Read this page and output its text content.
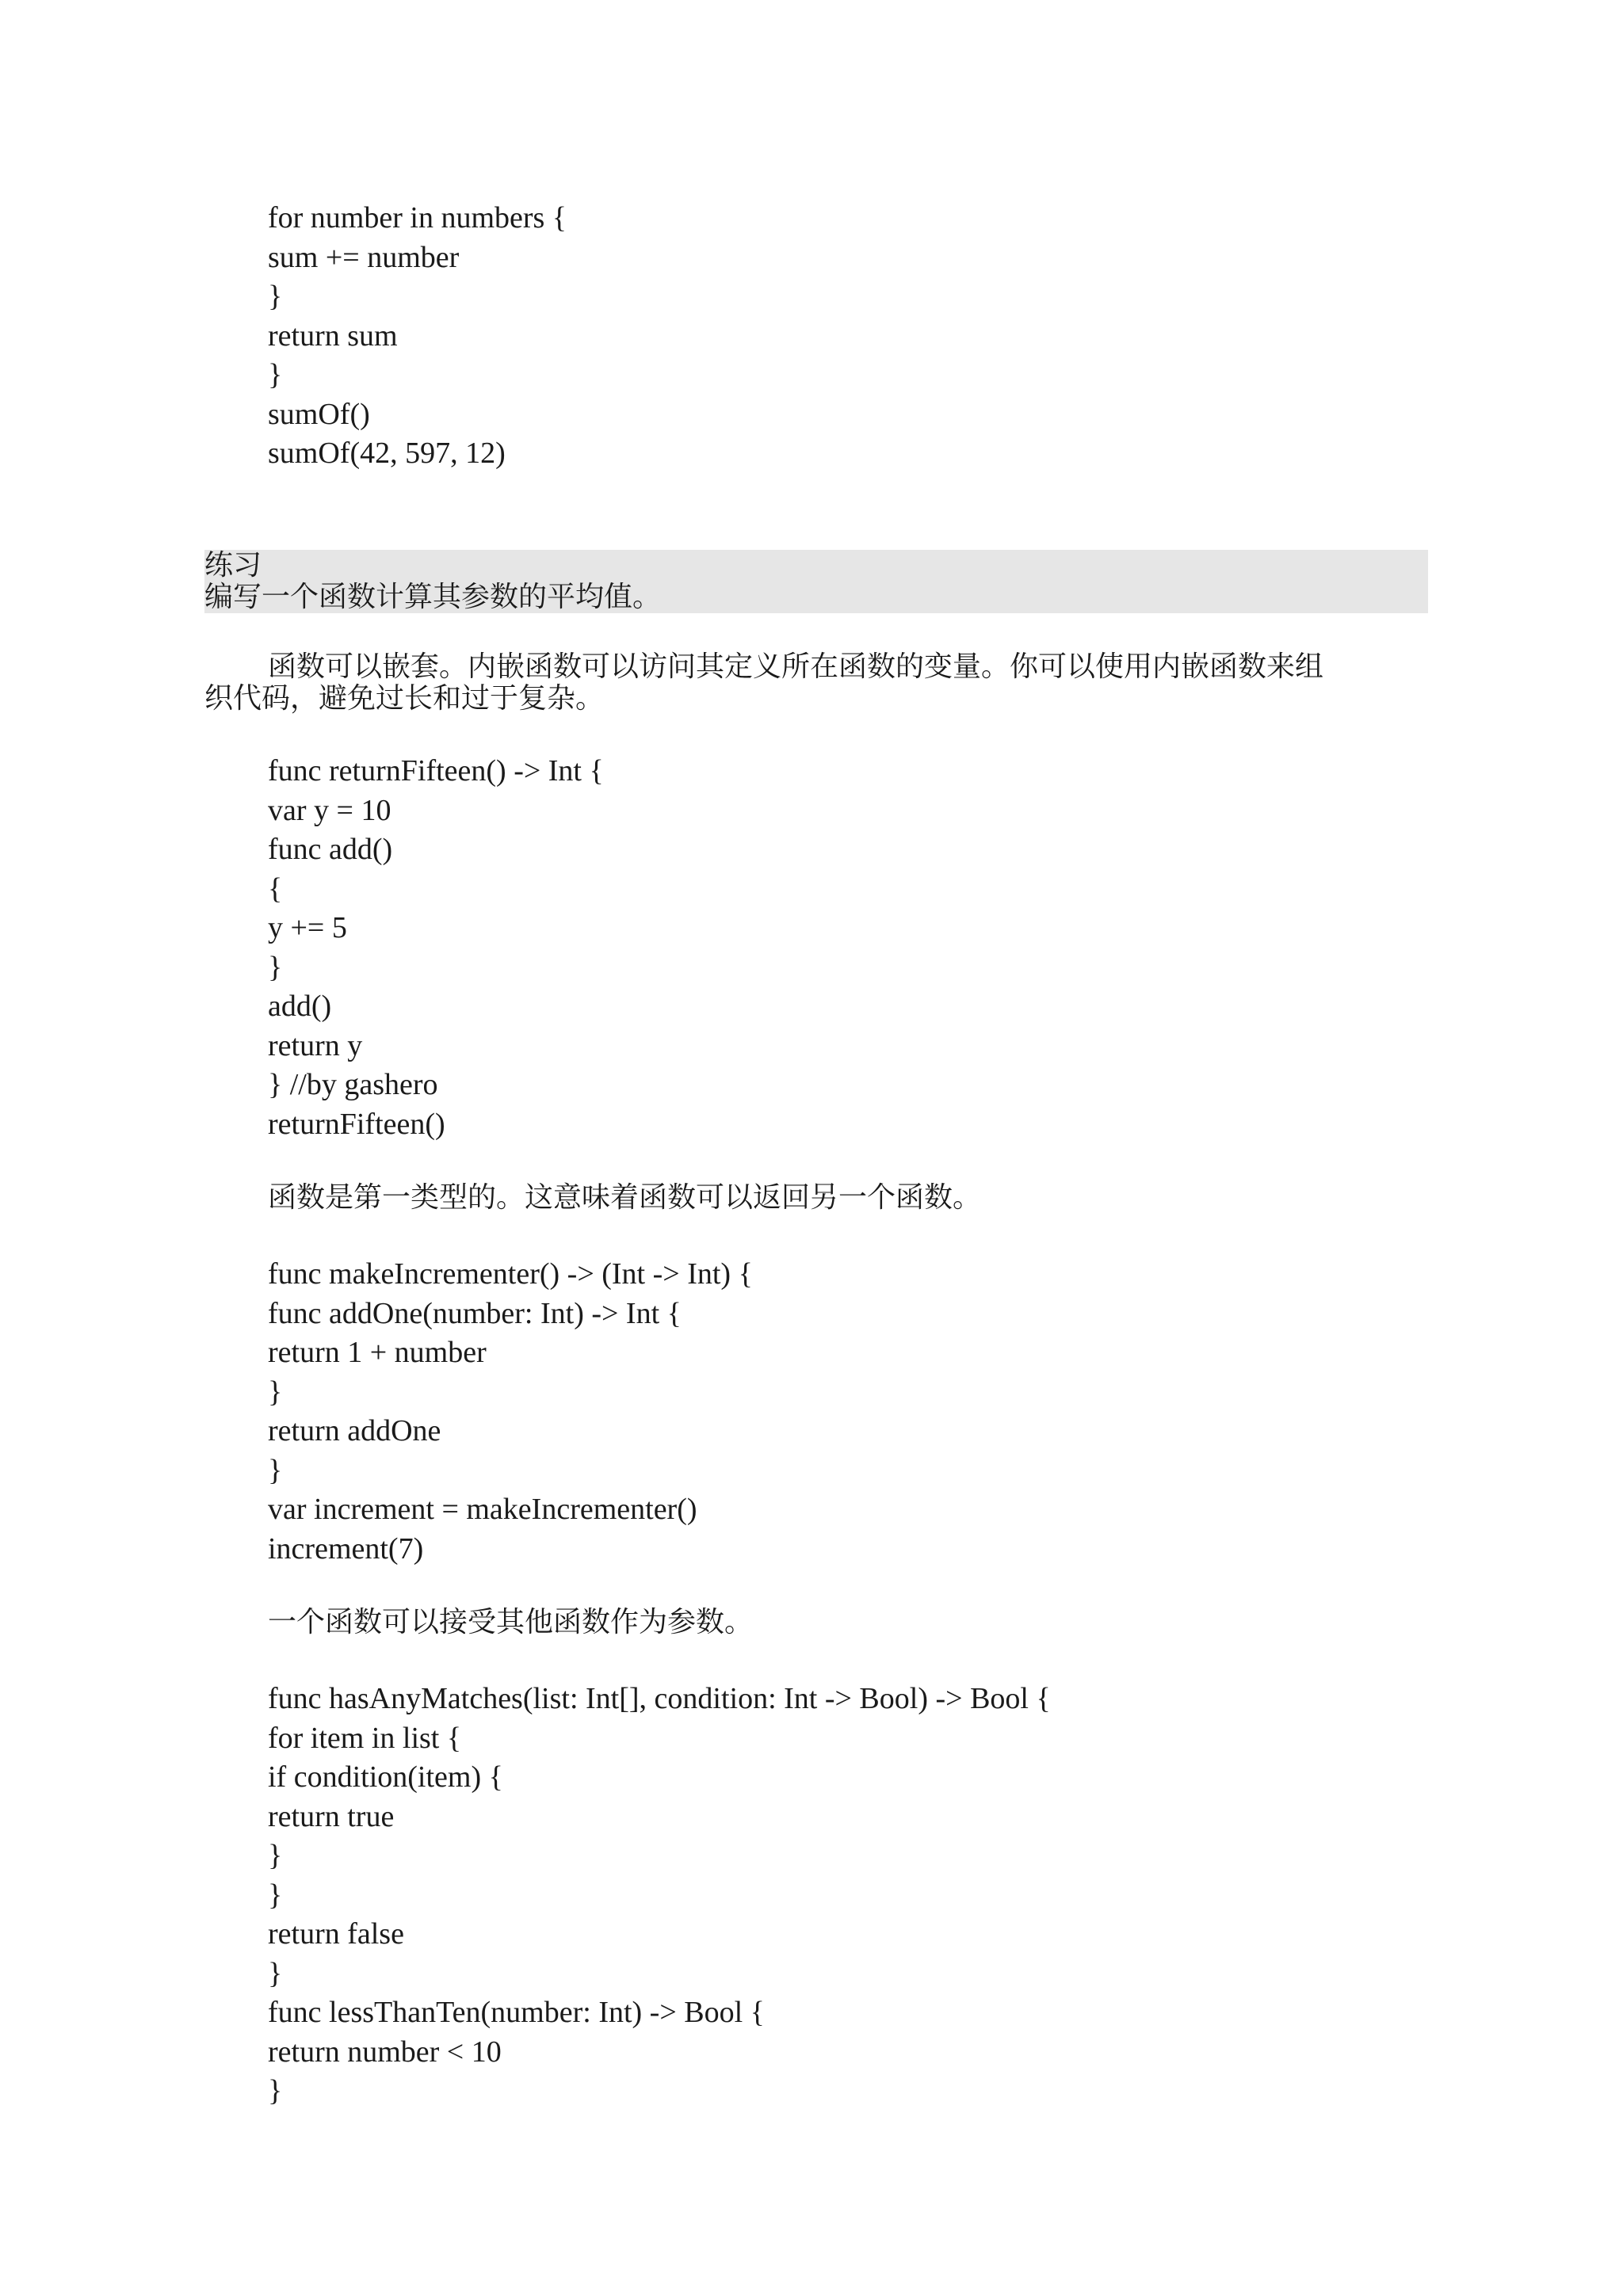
for number in numbers {
sum += number
}
return sum
}
sumOf()
sumOf(42, 597, 12)
练习
编写一个函数计算其参数的平均值。
函数可以嵌套。内嵌函数可以访问其定义所在函数的变量。你可以使用内嵌函数来组
织代码，避免过长和过于复杂。
func returnFifteen() -> Int {
var y = 10
func add()
{
y += 5
}
add()
return y
} //by gashero
returnFifteen()
函数是第一类型的。这意味着函数可以返回另一个函数。
func makeIncrementer() -> (Int -> Int) {
func addOne(number: Int) -> Int {
return 1 + number
}
return addOne
}
var increment = makeIncrementer()
increment(7)
一个函数可以接受其他函数作为参数。
func hasAnyMatches(list: Int[], condition: Int -> Bool) -> Bool {
for item in list {
if condition(item) {
return true
}
}
return false
}
func lessThanTen(number: Int) -> Bool {
return number < 10
}
